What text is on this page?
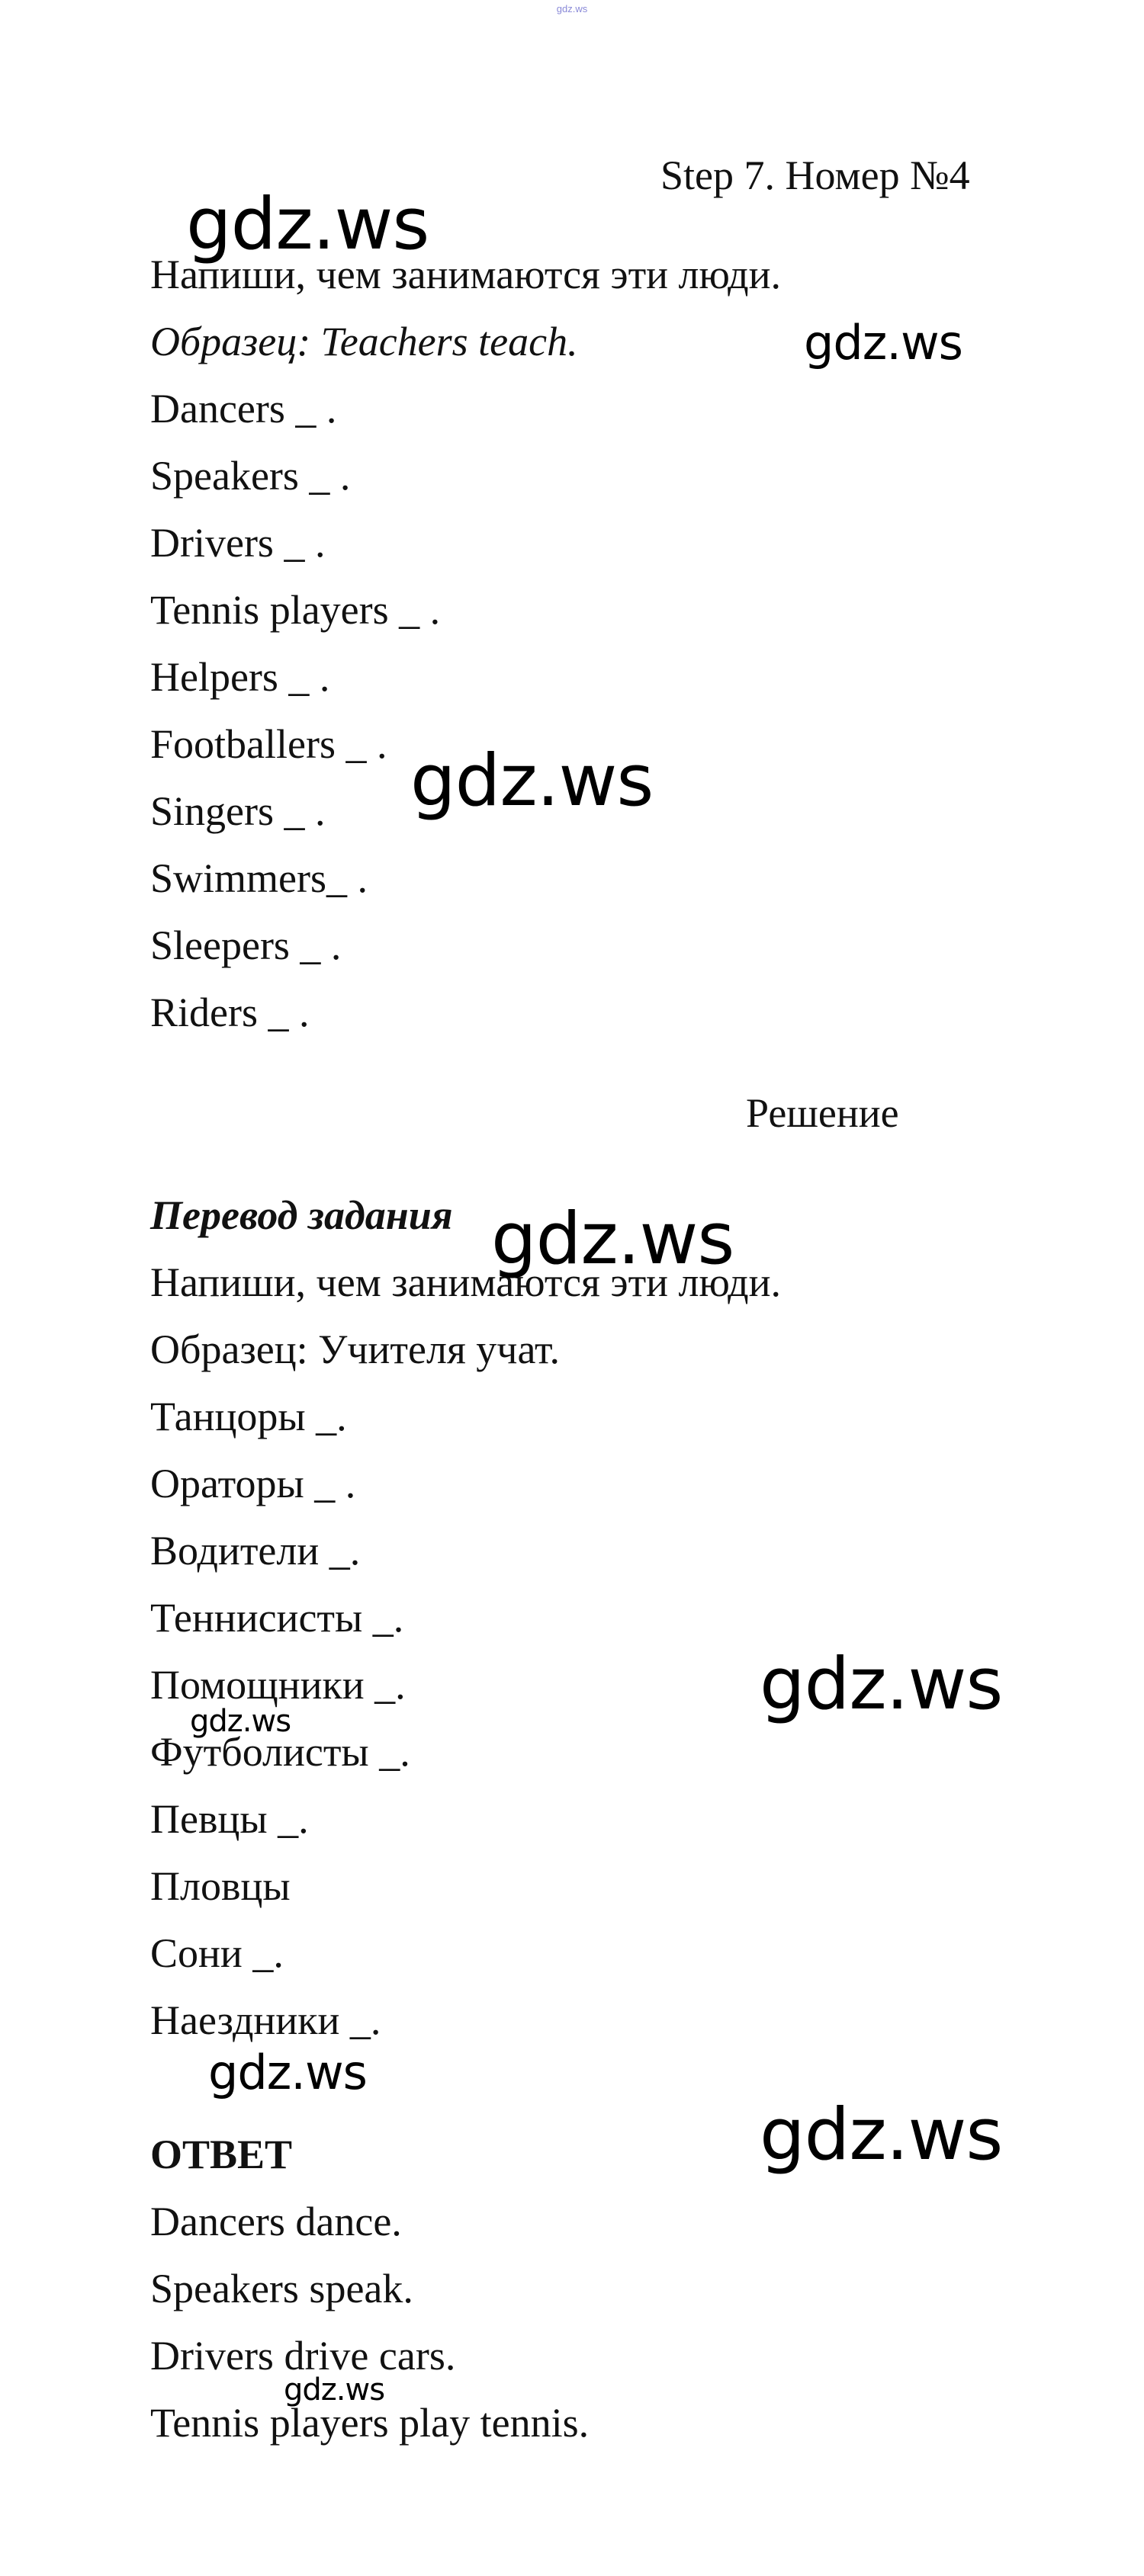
gdz.ws
Step 7. Номер №4
Напиши, чем занимаются эти люди.
Образец: Teachers teach.
Dancers _ .
Speakers _ .
Drivers _ .
Tennis players _ .
Helpers _ .
Footballers _ .
Singers _ .
Swimmers_ .
Sleepers _ .
Riders _ .
Решение
Перевод задания
Напиши, чем занимаются эти люди.
Образец: Учителя учат.
Танцоры _.
Ораторы _ .
Водители _.
Теннисисты _.
Помощники _.
Футболисты _.
Певцы _.
Пловцы
Сони _.
Наездники _.
ОТВЕТ
Dancers dance.
Speakers speak.
Drivers drive cars.
Tennis players play tennis.
gdz.ws
gdz.ws
gdz.ws
gdz.ws
gdz.ws
gdz.ws
gdz.ws
gdz.ws
gdz.ws
